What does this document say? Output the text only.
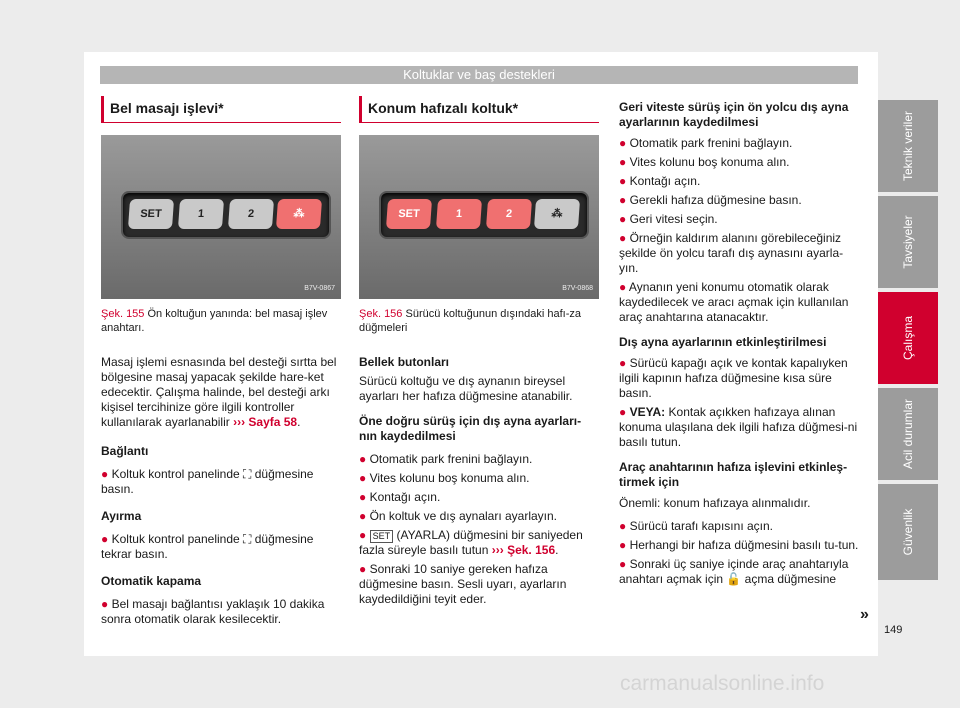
Koltuklar ve baş destekleri
Bel masajı işlevi*
SET	1	2	⁂
B7V-0867
Şek. 155 Ön koltuğun yanında: bel masaj işlev anahtarı.

Masaj işlemi esnasında bel desteği sırtta bel bölgesine masaj yapacak şekilde hare-ket edecektir. Çalışma halinde, bel desteği arkı kişisel tercihinize göre ilgili kontroller kullanılarak ayarlanabilir ››› Sayfa 58.

Bağlantı

● Koltuk kontrol panelinde ⛶ düğmesine basın.

Ayırma

● Koltuk kontrol panelinde ⛶ düğmesine tekrar basın.

Otomatik kapama

● Bel masajı bağlantısı yaklaşık 10 dakika sonra otomatik olarak kesilecektir.

Konum hafızalı koltuk*
SET	1	2	⁂
B7V-0868
Şek. 156 Sürücü koltuğunun dışındaki hafı-za düğmeleri

Bellek butonları

Sürücü koltuğu ve dış aynanın bireysel ayarları her hafıza düğmesine atanabilir.

Öne doğru sürüş için dış ayna ayarları-nın kaydedilmesi

● Otomatik park frenini bağlayın.

● Vites kolunu boş konuma alın.

● Kontağı açın.

● Ön koltuk ve dış aynaları ayarlayın.

● SET (AYARLA) düğmesini bir saniyeden fazla süreyle basılı tutun ››› Şek. 156.

● Sonraki 10 saniye gereken hafıza düğmesine basın. Sesli uyarı, ayarların kaydedildiğini teyit eder.

Geri viteste sürüş için ön yolcu dış ayna ayarlarının kaydedilmesi

● Otomatik park frenini bağlayın.

● Vites kolunu boş konuma alın.

● Kontağı açın.

● Gerekli hafıza düğmesine basın.

● Geri vitesi seçin.

● Örneğin kaldırım alanını görebileceğiniz şekilde ön yolcu tarafı dış aynasını ayarla-yın.

● Aynanın yeni konumu otomatik olarak kaydedilecek ve aracı açmak için kullanılan araç anahtarına atanacaktır.

Dış ayna ayarlarının etkinleştirilmesi

● Sürücü kapağı açık ve kontak kapalıyken ilgili kapının hafıza düğmesine kısa süre basın.

● VEYA: Kontak açıkken hafızaya alınan konuma ulaşılana dek ilgili hafıza düğmesi-ni basılı tutun.

Araç anahtarının hafıza işlevini etkinleş-tirmek için

Önemli: konum hafızaya alınmalıdır.

● Sürücü tarafı kapısını açın.

● Herhangi bir hafıza düğmesini basılı tu-tun.

● Sonraki üç saniye içinde araç anahtarıyla anahtarı açmak için 🔓 açma düğmesine

Teknik veriler
Tavsiyeler
Çalışma
Acil durumlar
Güvenlik
»
149
carmanualsonline.info
